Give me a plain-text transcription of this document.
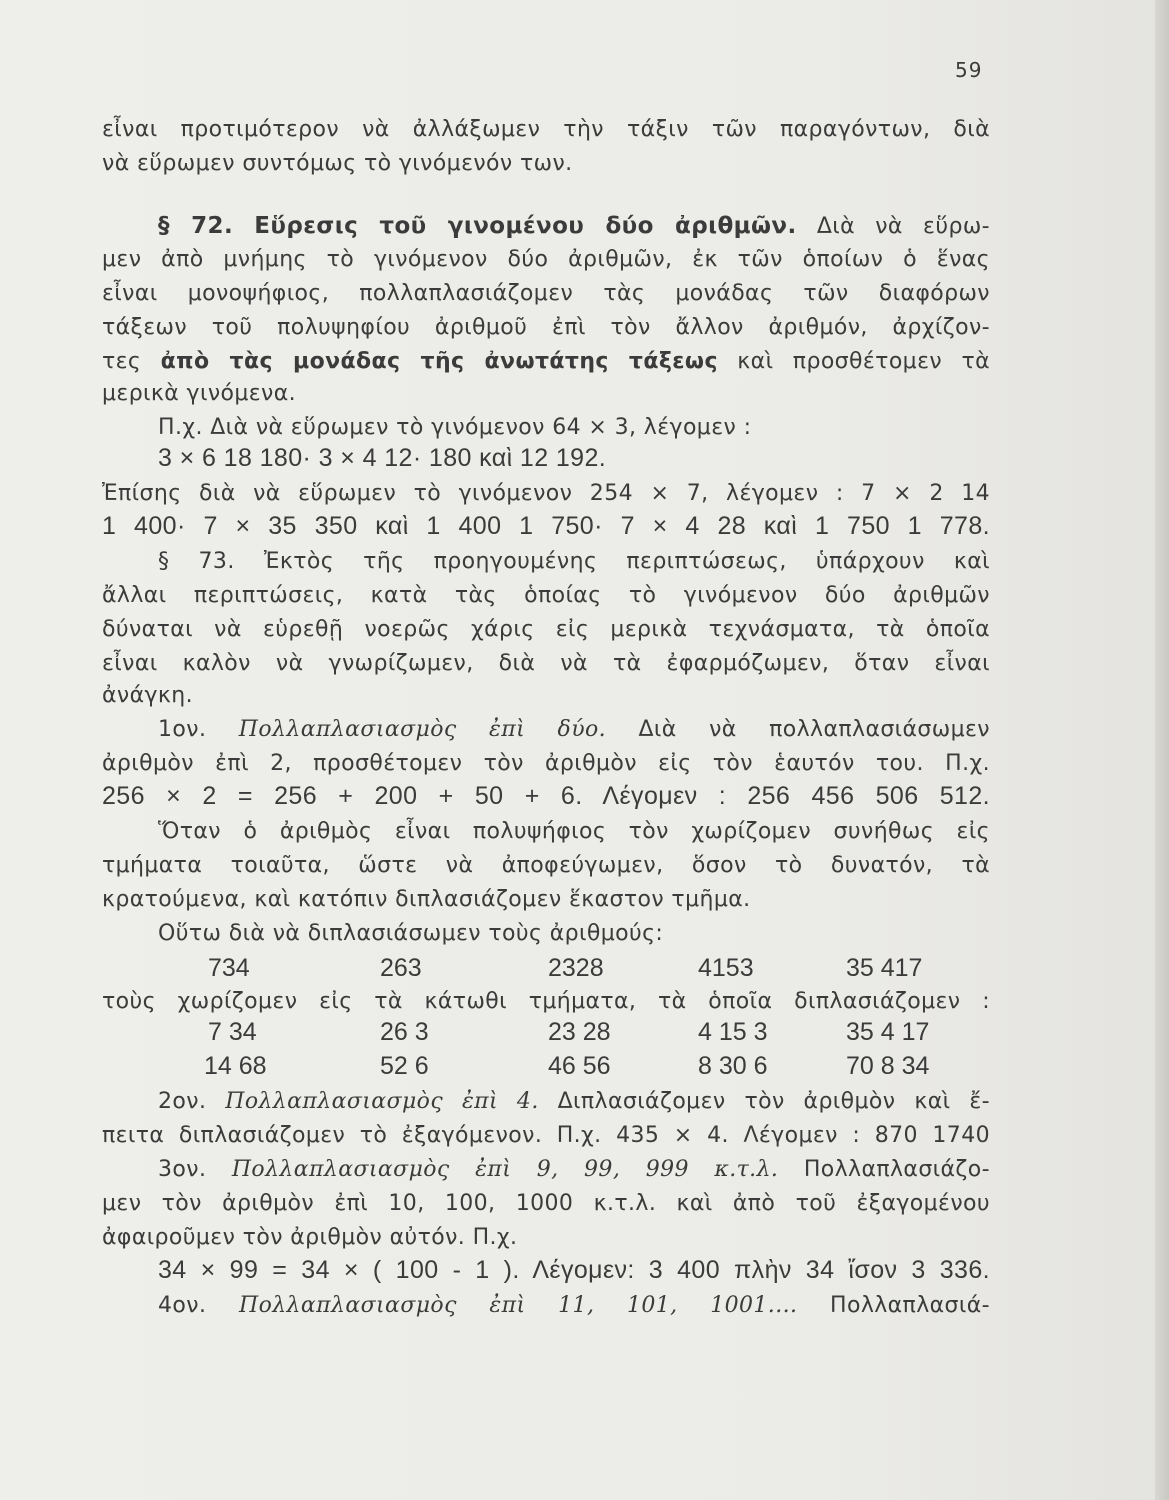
59
εἶναι προτιμότερον νὰ ἀλλάξωμεν τὴν τάξιν τῶν παραγόντων, διὰ
νὰ εὕρωμεν συντόμως τὸ γινόμενόν των.
§ 72. Εὕρεσις τοῦ γινομένου δύο ἀριθμῶν. Διὰ νὰ εὕρω-
μεν ἀπὸ μνήμης τὸ γινόμενον δύο ἀριθμῶν, ἐκ τῶν ὁποίων ὁ ἕνας
εἶναι μονοψήφιος, πολλαπλασιάζομεν τὰς μονάδας τῶν διαφόρων
τάξεων τοῦ πολυψηφίου ἀριθμοῦ ἐπὶ τὸν ἄλλον ἀριθμόν, ἀρχίζον-
τες ἀπὸ τὰς μονάδας τῆς ἀνωτάτης τάξεως καὶ προσθέτομεν τὰ
μερικὰ γινόμενα.
Π.χ. Διὰ νὰ εὕρωμεν τὸ γινόμενον 64 × 3, λέγομεν :
3 × 6 18 180· 3 × 4 12· 180 καὶ 12 192.
Ἐπίσης διὰ νὰ εὕρωμεν τὸ γινόμενον 254 × 7, λέγομεν : 7 × 2 14
1 400· 7 × 35 350 καὶ 1 400 1 750· 7 × 4 28 καὶ 1 750 1 778.
§ 73. Ἐκτὸς τῆς προηγουμένης περιπτώσεως, ὑπάρχουν καὶ
ἄλλαι περιπτώσεις, κατὰ τὰς ὁποίας τὸ γινόμενον δύο ἀριθμῶν
δύναται νὰ εὑρεθῇ νοερῶς χάρις εἰς μερικὰ τεχνάσματα, τὰ ὁποῖα
εἶναι καλὸν νὰ γνωρίζωμεν, διὰ νὰ τὰ ἐφαρμόζωμεν, ὅταν εἶναι
ἀνάγκη.
1ον. Πολλαπλασιασμὸς ἐπὶ δύο. Διὰ νὰ πολλαπλασιάσωμεν
ἀριθμὸν ἐπὶ 2, προσθέτομεν τὸν ἀριθμὸν εἰς τὸν ἑαυτόν του. Π.χ.
256 × 2 = 256 + 200 + 50 + 6. Λέγομεν : 256 456 506 512.
Ὅταν ὁ ἀριθμὸς εἶναι πολυψήφιος τὸν χωρίζομεν συνήθως εἰς
τμήματα τοιαῦτα, ὥστε νὰ ἀποφεύγωμεν, ὅσον τὸ δυνατόν, τὰ
κρατούμενα, καὶ κατόπιν διπλασιάζομεν ἕκαστον τμῆμα.
Οὕτω διὰ νὰ διπλασιάσωμεν τοὺς ἀριθμούς:
734	263	2328	4153	35 417
τοὺς χωρίζομεν εἰς τὰ κάτωθι τμήματα, τὰ ὁποῖα διπλασιάζομεν :
7 34	26 3	23 28	4 15 3	35 4 17
14 68	52 6	46 56	8 30 6	70 8 34
2ον. Πολλαπλασιασμὸς ἐπὶ 4. Διπλασιάζομεν τὸν ἀριθμὸν καὶ ἔ-
πειτα διπλασιάζομεν τὸ ἐξαγόμενον. Π.χ. 435 × 4. Λέγομεν : 870 1740
3ον. Πολλαπλασιασμὸς ἐπὶ 9, 99, 999 κ.τ.λ. Πολλαπλασιάζο-
μεν τὸν ἀριθμὸν ἐπὶ 10, 100, 1000 κ.τ.λ. καὶ ἀπὸ τοῦ ἐξαγομένου
ἀφαιροῦμεν τὸν ἀριθμὸν αὐτόν. Π.χ.
34 × 99 = 34 × ( 100 - 1 ). Λέγομεν: 3 400 πλὴν 34 ἴσον 3 336.
4ον. Πολλαπλασιασμὸς ἐπὶ 11, 101, 1001.... Πολλαπλασιά-
